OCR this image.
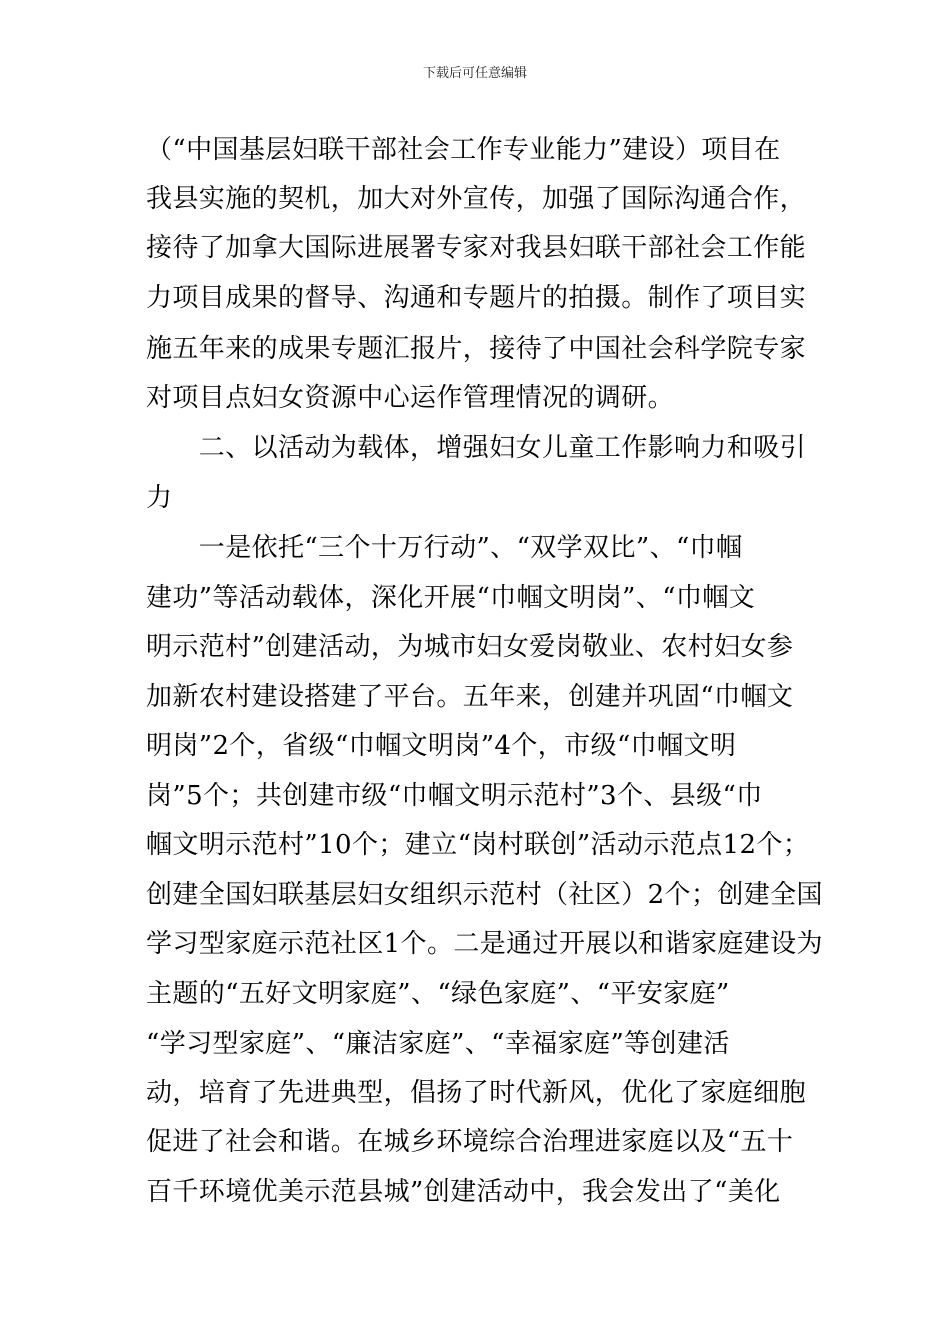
下载后可任意编辑
（“中国基层妇联干部社会工作专业能力”建设）项目在
我县实施的契机，加大对外宣传，加强了国际沟通合作，
接待了加拿大国际进展署专家对我县妇联干部社会工作能
力项目成果的督导、沟通和专题片的拍摄。制作了项目实
施五年来的成果专题汇报片，接待了中国社会科学院专家
对项目点妇女资源中心运作管理情况的调研。
　　二、以活动为载体，增强妇女儿童工作影响力和吸引
力
　　一是依托“三个十万行动”、“双学双比”、“巾帼
建功”等活动载体，深化开展“巾帼文明岗”、“巾帼文
明示范村”创建活动，为城市妇女爱岗敬业、农村妇女参
加新农村建设搭建了平台。五年来，创建并巩固“巾帼文
明岗”2个，省级“巾帼文明岗”4个，市级“巾帼文明
岗”5个；共创建市级“巾帼文明示范村”3个、县级“巾
帼文明示范村”10个；建立“岗村联创”活动示范点12个；
创建全国妇联基层妇女组织示范村（社区）2个；创建全国
学习型家庭示范社区1个。二是通过开展以和谐家庭建设为
主题的“五好文明家庭”、“绿色家庭”、“平安家庭”
“学习型家庭”、“廉洁家庭”、“幸福家庭”等创建活
动，培育了先进典型，倡扬了时代新风，优化了家庭细胞
促进了社会和谐。在城乡环境综合治理进家庭以及“五十
百千环境优美示范县城”创建活动中，我会发出了“美化
